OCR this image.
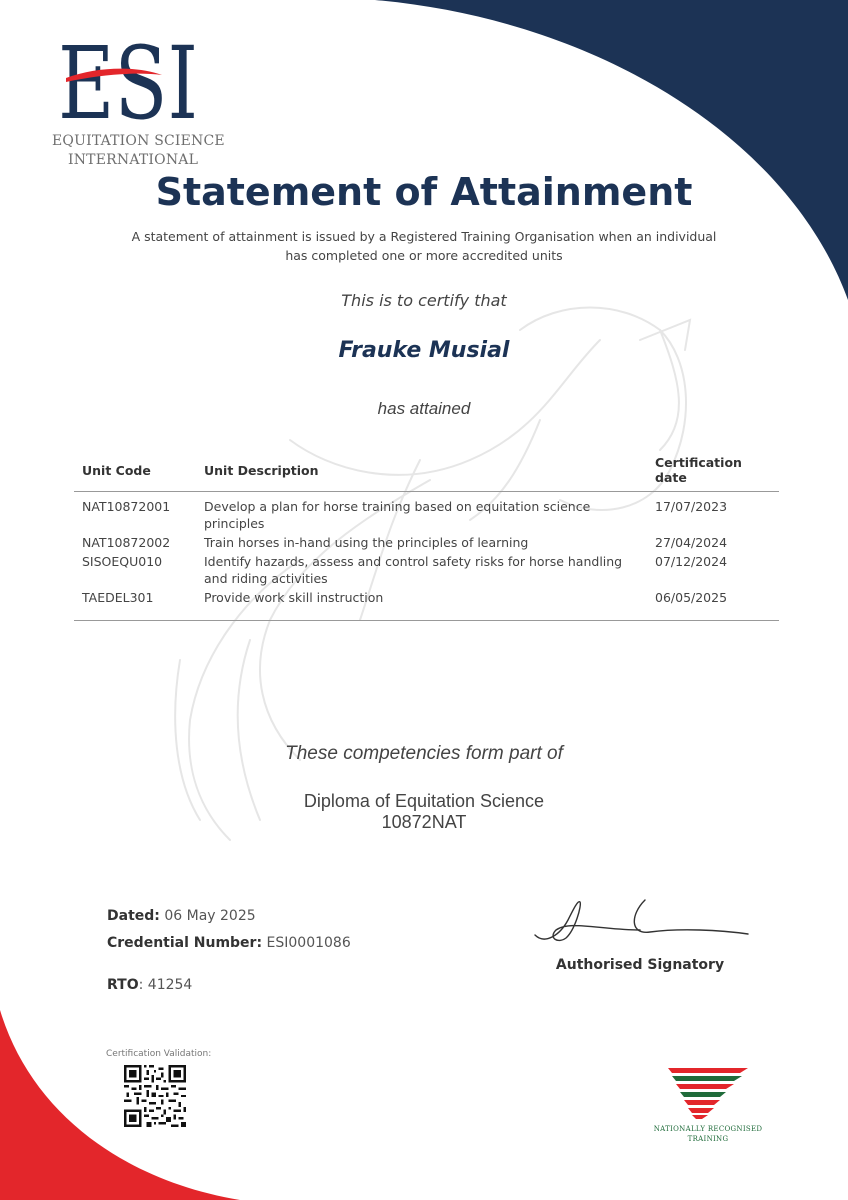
ESI
EQUITATION SCIENCE
INTERNATIONAL
Statement of Attainment
A statement of attainment is issued by a Registered Training Organisation when an individual has completed one or more accredited units
This is to certify that
Frauke Musial
has attained
Unit Code	Unit Description	Certification date
NAT10872001	Develop a plan for horse training based on equitation science principles	17/07/2023
NAT10872002	Train horses in-hand using the principles of learning	27/04/2024
SISOEQU010	Identify hazards, assess and control safety risks for horse handling and riding activities	07/12/2024
TAEDEL301	Provide work skill instruction	06/05/2025
These competencies form part of
Diploma of Equitation Science
10872NAT
Dated: 06 May 2025
Credential Number: ESI0001086
RTO: 41254
Authorised Signatory
Certification Validation:
NATIONALLY RECOGNISED
TRAINING
